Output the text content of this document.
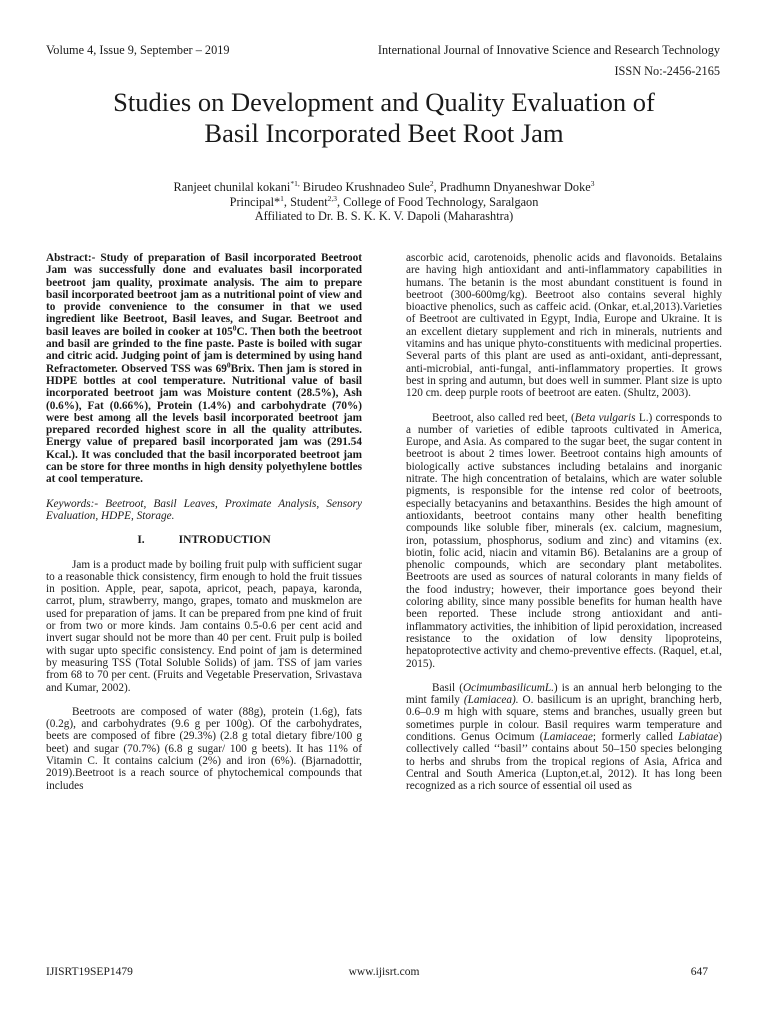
Volume 4, Issue 9, September – 2019	International Journal of Innovative Science and Research Technology
ISSN No:-2456-2165
Studies on Development and Quality Evaluation of
Basil Incorporated Beet Root Jam
Ranjeet chunilal kokani$^{*1,}$ Birudeo Krushnadeo Sule$^2$, Pradhumn Dnyaneshwar Doke$^3$
Principal*$^1$, Student$^{2,3}$, College of Food Technology, Saralgaon
Affiliated to Dr. B. S. K. K. V. Dapoli (Maharashtra)

Abstract:- Study of preparation of Basil incorporated Beetroot Jam was successfully done and evaluates basil incorporated beetroot jam quality, proximate analysis. The aim to prepare basil incorporated beetroot jam as a nutritional point of view and to provide convenience to the consumer in that we used ingredient like Beetroot, Basil leaves, and Sugar. Beetroot and basil leaves are boiled in cooker at $105^0C$. Then both the beetroot and basil are grinded to the fine paste. Paste is boiled with sugar and citric acid. Judging point of jam is determined by using hand Refractometer. Observed TSS was $69^0Brix$. Then jam is stored in HDPE bottles at cool temperature. Nutritional value of basil incorporated beetroot jam was Moisture content (28.5%), Ash (0.6%), Fat (0.66%), Protein (1.4%) and carbohydrate (70%) were best among all the levels basil incorporated beetroot jam prepared recorded highest score in all the quality attributes. Energy value of prepared basil incorporated jam was (291.54 Kcal.). It was concluded that the basil incorporated beetroot jam can be store for three months in high density polyethylene bottles at cool temperature.

Keywords:- Beetroot, Basil Leaves, Proximate Analysis, Sensory Evaluation, HDPE, Storage.

I.	INTRODUCTION

Jam is a product made by boiling fruit pulp with sufficient sugar to a reasonable thick consistency, firm enough to hold the fruit tissues in position. Apple, pear, sapota, apricot, peach, papaya, karonda, carrot, plum, strawberry, mango, grapes, tomato and muskmelon are used for preparation of jams. It can be prepared from pne kind of fruit or from two or more kinds. Jam contains 0.5-0.6 per cent acid and invert sugar should not be more than 40 per cent. Fruit pulp is boiled with sugar upto specific consistency. End point of jam is determined by measuring TSS (Total Soluble Solids) of jam. TSS of jam varies from 68 to 70 per cent. (Fruits and Vegetable Preservation, Srivastava and Kumar, 2002).

Beetroots are composed of water (88g), protein (1.6g), fats (0.2g), and carbohydrates (9.6 g per 100g). Of the carbohydrates, beets are composed of fibre (29.3%) (2.8 g total dietary fibre/100 g beet) and sugar (70.7%) (6.8 g sugar/ 100 g beets). It has 11% of Vitamin C. It contains calcium (2%) and iron (6%). (Bjarnadottir, 2019).Beetroot is a reach source of phytochemical compounds that includes

ascorbic acid, carotenoids, phenolic acids and flavonoids. Betalains are having high antioxidant and anti-inflammatory capabilities in humans. The betanin is the most abundant constituent is found in beetroot (300-600mg/kg). Beetroot also contains several highly bioactive phenolics, such as caffeic acid. (Onkar, et.al,2013).Varieties of Beetroot are cultivated in Egypt, India, Europe and Ukraine. It is an excellent dietary supplement and rich in minerals, nutrients and vitamins and has unique phyto-constituents with medicinal properties. Several parts of this plant are used as anti-oxidant, anti-depressant, anti-microbial, anti-fungal, anti-inflammatory properties. It grows best in spring and autumn, but does well in summer. Plant size is upto 120 cm. deep purple roots of beetroot are eaten. (Shultz, 2003).

Beetroot, also called red beet, (Beta vulgaris L.) corresponds to a number of varieties of edible taproots cultivated in America, Europe, and Asia. As compared to the sugar beet, the sugar content in beetroot is about 2 times lower. Beetroot contains high amounts of biologically active substances including betalains and inorganic nitrate. The high concentration of betalains, which are water soluble pigments, is responsible for the intense red color of beetroots, especially betacyanins and betaxanthins. Besides the high amount of antioxidants, beetroot contains many other health benefiting compounds like soluble fiber, minerals (ex. calcium, magnesium, iron, potassium, phosphorus, sodium and zinc) and vitamins (ex. biotin, folic acid, niacin and vitamin B6). Betalanins are a group of phenolic compounds, which are secondary plant metabolites. Beetroots are used as sources of natural colorants in many fields of the food industry; however, their importance goes beyond their coloring ability, since many possible benefits for human health have been reported. These include strong antioxidant and anti-inflammatory activities, the inhibition of lipid peroxidation, increased resistance to the oxidation of low density lipoproteins, hepatoprotective activity and chemo-preventive effects. (Raquel, et.al, 2015).

Basil (OcimumbasilicumL.) is an annual herb belonging to the mint family (Lamiacea). O. basilicum is an upright, branching herb, 0.6–0.9 m high with square, stems and branches, usually green but sometimes purple in colour. Basil requires warm temperature and conditions. Genus Ocimum (Lamiaceae; formerly called Labiatae) collectively called ‘‘basil’’ contains about 50–150 species belonging to herbs and shrubs from the tropical regions of Asia, Africa and Central and South America (Lupton,et.al, 2012). It has long been recognized as a rich source of essential oil used as

IJISRT19SEP1479	www.ijisrt.com	647
